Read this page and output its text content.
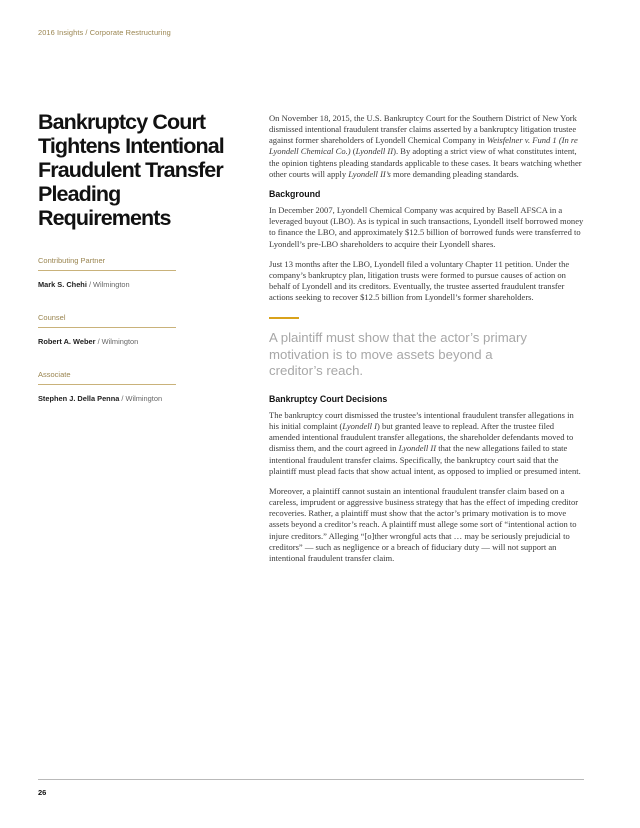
2016 Insights / Corporate Restructuring
Bankruptcy Court Tightens Intentional Fraudulent Transfer Pleading Requirements
Contributing Partner
Mark S. Chehi / Wilmington
Counsel
Robert A. Weber / Wilmington
Associate
Stephen J. Della Penna / Wilmington

On November 18, 2015, the U.S. Bankruptcy Court for the Southern District of New York dismissed intentional fraudulent transfer claims asserted by a bankruptcy litigation trustee against former shareholders of Lyondell Chemical Company in Weisfelner v. Fund 1 (In re Lyondell Chemical Co.) (Lyondell II). By adopting a strict view of what constitutes intent, the opinion tightens pleading standards applicable to these cases. It bears watching whether other courts will apply Lyondell II’s more demanding pleading standards.

Background

In December 2007, Lyondell Chemical Company was acquired by Basell AFSCA in a leveraged buyout (LBO). As is typical in such transactions, Lyondell itself borrowed money to finance the LBO, and approximately $12.5 billion of borrowed funds were transferred to Lyondell’s pre-LBO shareholders to acquire their Lyondell shares.

Just 13 months after the LBO, Lyondell filed a voluntary Chapter 11 petition. Under the company’s bankruptcy plan, litigation trusts were formed to pursue causes of action on behalf of Lyondell and its creditors. Eventually, the trustee asserted fraudulent transfer actions seeking to recover $12.5 billion from Lyondell’s former shareholders.

A plaintiff must show that the actor’s primary motivation is to move assets beyond a creditor’s reach.
Bankruptcy Court Decisions

The bankruptcy court dismissed the trustee’s intentional fraudulent transfer allegations in his initial complaint (Lyondell I) but granted leave to replead. After the trustee filed amended intentional fraudulent transfer allegations, the shareholder defendants moved to dismiss them, and the court agreed in Lyondell II that the new allegations failed to state intentional fraudulent transfer claims. Specifically, the bankruptcy court said that the plaintiff must plead facts that show actual intent, as opposed to implied or presumed intent.

Moreover, a plaintiff cannot sustain an intentional fraudulent transfer claim based on a careless, imprudent or aggressive business strategy that has the effect of impeding creditor recoveries. Rather, a plaintiff must show that the actor’s primary motivation is to move assets beyond a creditor’s reach. A plaintiff must allege some sort of “intentional action to injure creditors.” Alleging “[o]ther wrongful acts that … may be seriously prejudicial to creditors” — such as negligence or a breach of fiduciary duty — will not support an intentional fraudulent transfer claim.

26
